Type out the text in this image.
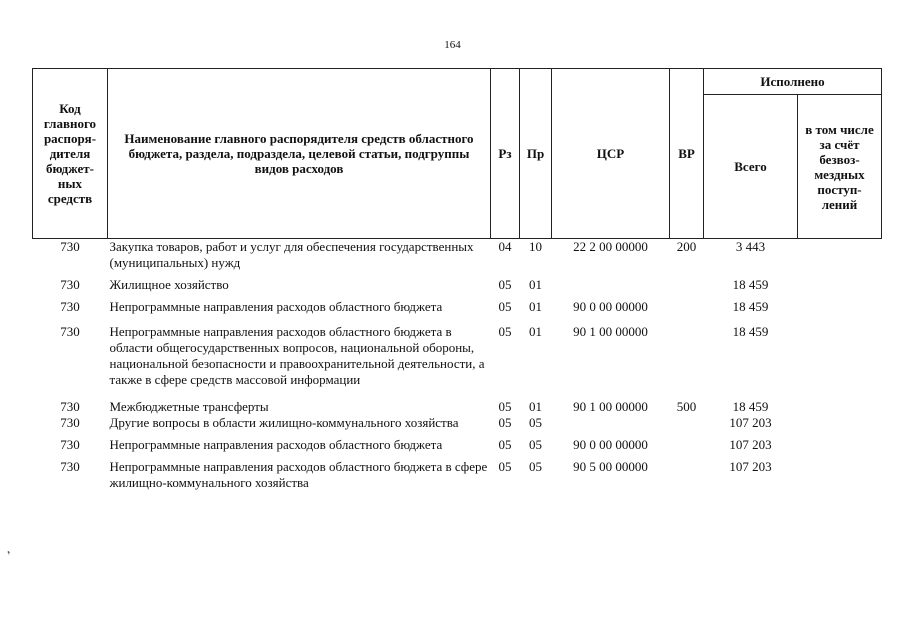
164
’
Код главного распоря-дителя бюджет-ных средств	Наименование главного распорядителя средств областного бюджета, раздела, подраздела, целевой статьи, подгруппы видов расходов	Рз	Пр	ЦСР	ВР	Исполнено	
						Всего	в том числе за счёт безвоз-мездных поступ-лений
730	Закупка товаров, работ и услуг для обеспечения государственных (муниципальных) нужд	04	10	22 2 00 00000	200	3 443	
730	Жилищное хозяйство	05	01			18 459	
730	Непрограммные направления расходов областного бюджета	05	01	90 0 00 00000		18 459	
730	Непрограммные направления расходов областного бюджета в области общегосударственных вопросов, национальной обороны, национальной безопасности и правоохранительной деятельности, а также в сфере средств массовой информации	05	01	90 1 00 00000		18 459	
730	Межбюджетные трансферты	05	01	90 1 00 00000	500	18 459	
730	Другие вопросы в области жилищно-коммунального хозяйства	05	05			107 203	
730	Непрограммные направления расходов областного бюджета	05	05	90 0 00 00000		107 203	
730	Непрограммные направления расходов областного бюджета в сфере жилищно-коммунального хозяйства	05	05	90 5 00 00000		107 203	
